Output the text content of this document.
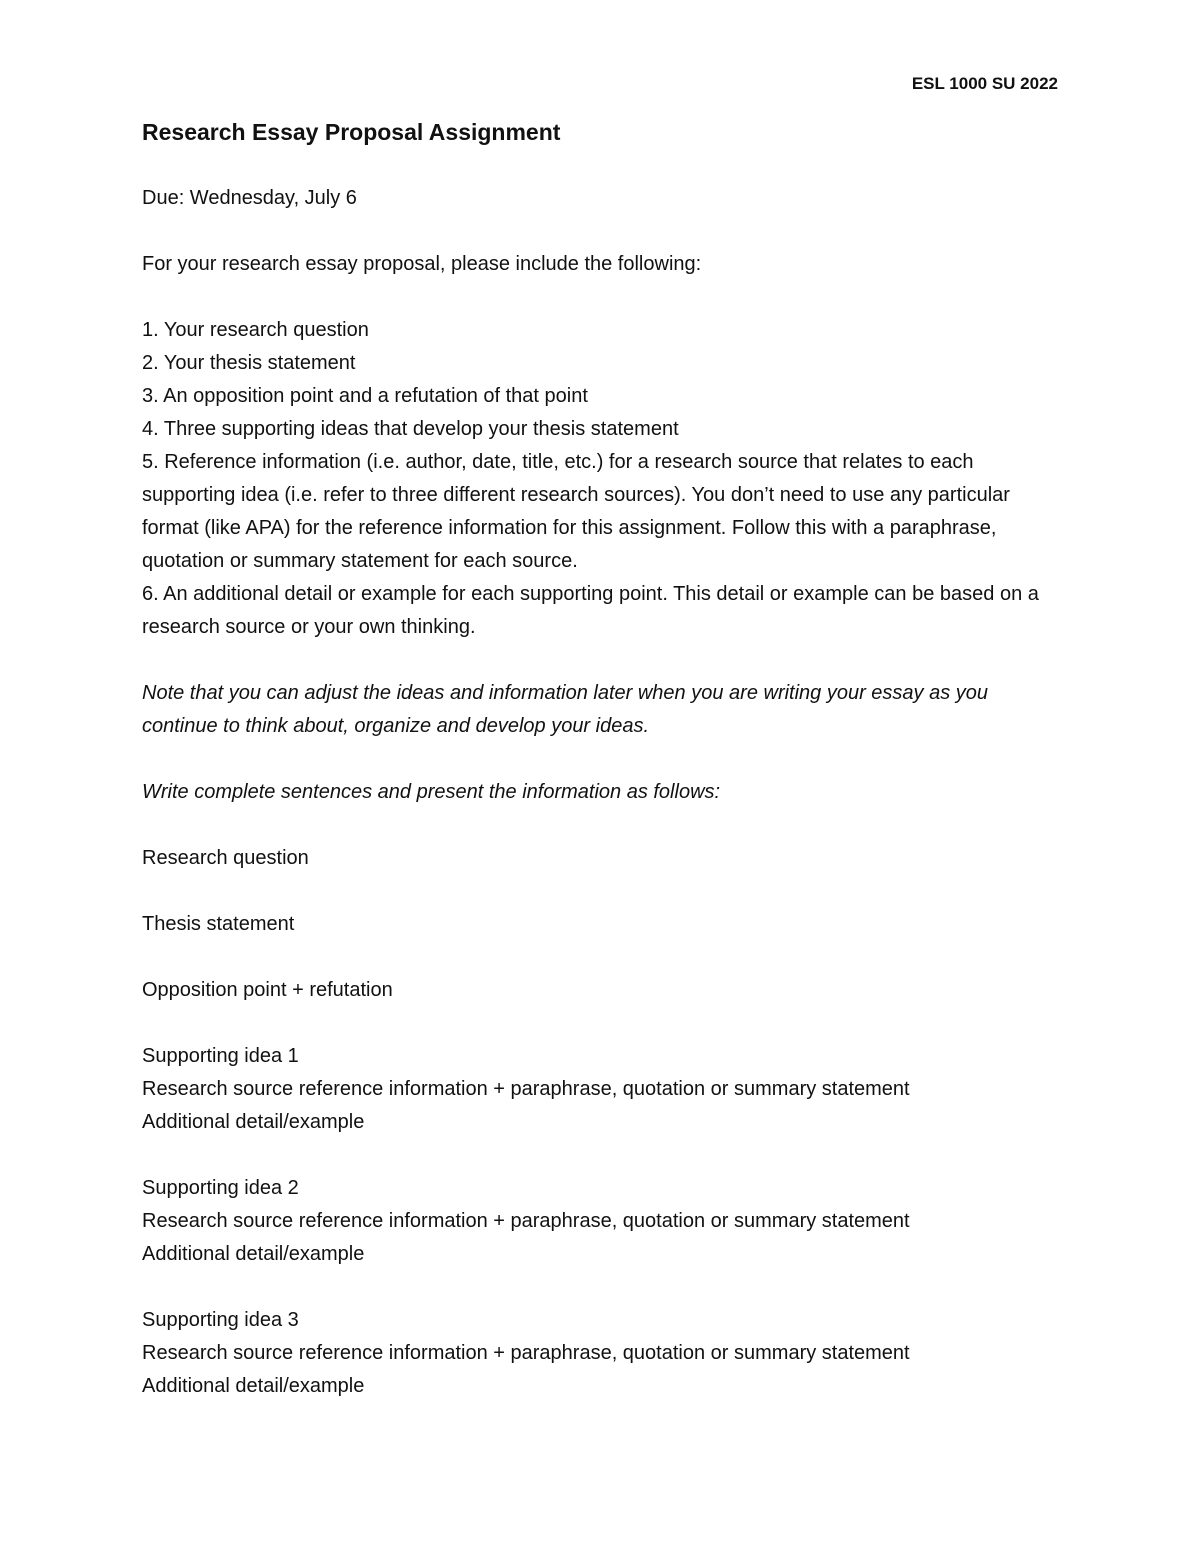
ESL 1000 SU 2022
Research Essay Proposal Assignment

Due: Wednesday, July 6

For your research essay proposal, please include the following:

1. Your research question
2. Your thesis statement
3. An opposition point and a refutation of that point
4. Three supporting ideas that develop your thesis statement
5. Reference information (i.e. author, date, title, etc.) for a research source that relates to each supporting idea (i.e. refer to three different research sources). You don’t need to use any particular format (like APA) for the reference information for this assignment. Follow this with a paraphrase, quotation or summary statement for each source.
6. An additional detail or example for each supporting point. This detail or example can be based on a research source or your own thinking.

Note that you can adjust the ideas and information later when you are writing your essay as you continue to think about, organize and develop your ideas.

Write complete sentences and present the information as follows:

Research question
Thesis statement
Opposition point + refutation
Supporting idea 1
Research source reference information + paraphrase, quotation or summary statement
Additional detail/example
Supporting idea 2
Research source reference information + paraphrase, quotation or summary statement
Additional detail/example
Supporting idea 3
Research source reference information + paraphrase, quotation or summary statement
Additional detail/example
